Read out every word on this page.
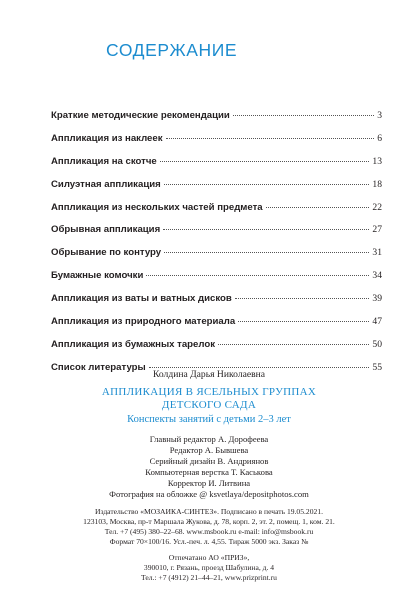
СОДЕРЖАНИЕ
Краткие методические рекомендации	3
Аппликация из наклеек	6
Аппликация на скотче	13
Силуэтная аппликация	18
Аппликация из нескольких частей предмета	22
Обрывная аппликация	27
Обрывание по контуру	31
Бумажные комочки	34
Аппликация из ваты и ватных дисков	39
Аппликация из природного материала	47
Аппликация из бумажных тарелок	50
Список литературы	55

Колдина Дарья Николаевна

АППЛИКАЦИЯ В ЯСЕЛЬНЫХ ГРУППАХ
ДЕТСКОГО САДА

Конспекты занятий с детьми 2–3 лет

Главный редактор А. Дорофеева
Редактор А. Бывшева
Серийный дизайн В. Андриянов
Компьютерная верстка Т. Каськова
Корректор И. Литвина
Фотография на обложке @ ksvetlaya/depositphotos.com
Издательство «МОЗАИКА-СИНТЕЗ». Подписано в печать 19.05.2021.
123103, Москва, пр-т Маршала Жукова, д. 78, корп. 2, эт. 2, помещ. 1, ком. 21.
Тел. +7 (495) 380–22–68. www.msbook.ru e-mail: info@msbook.ru
Формат 70×100/16. Усл.-печ. л. 4,55. Тираж 5000 экз. Заказ №
Отпечатано АО «ПРИЗ»,
390010, г. Рязань, проезд Шабулина, д. 4
Тел.: +7 (4912) 21–44–21, www.prizprint.ru
